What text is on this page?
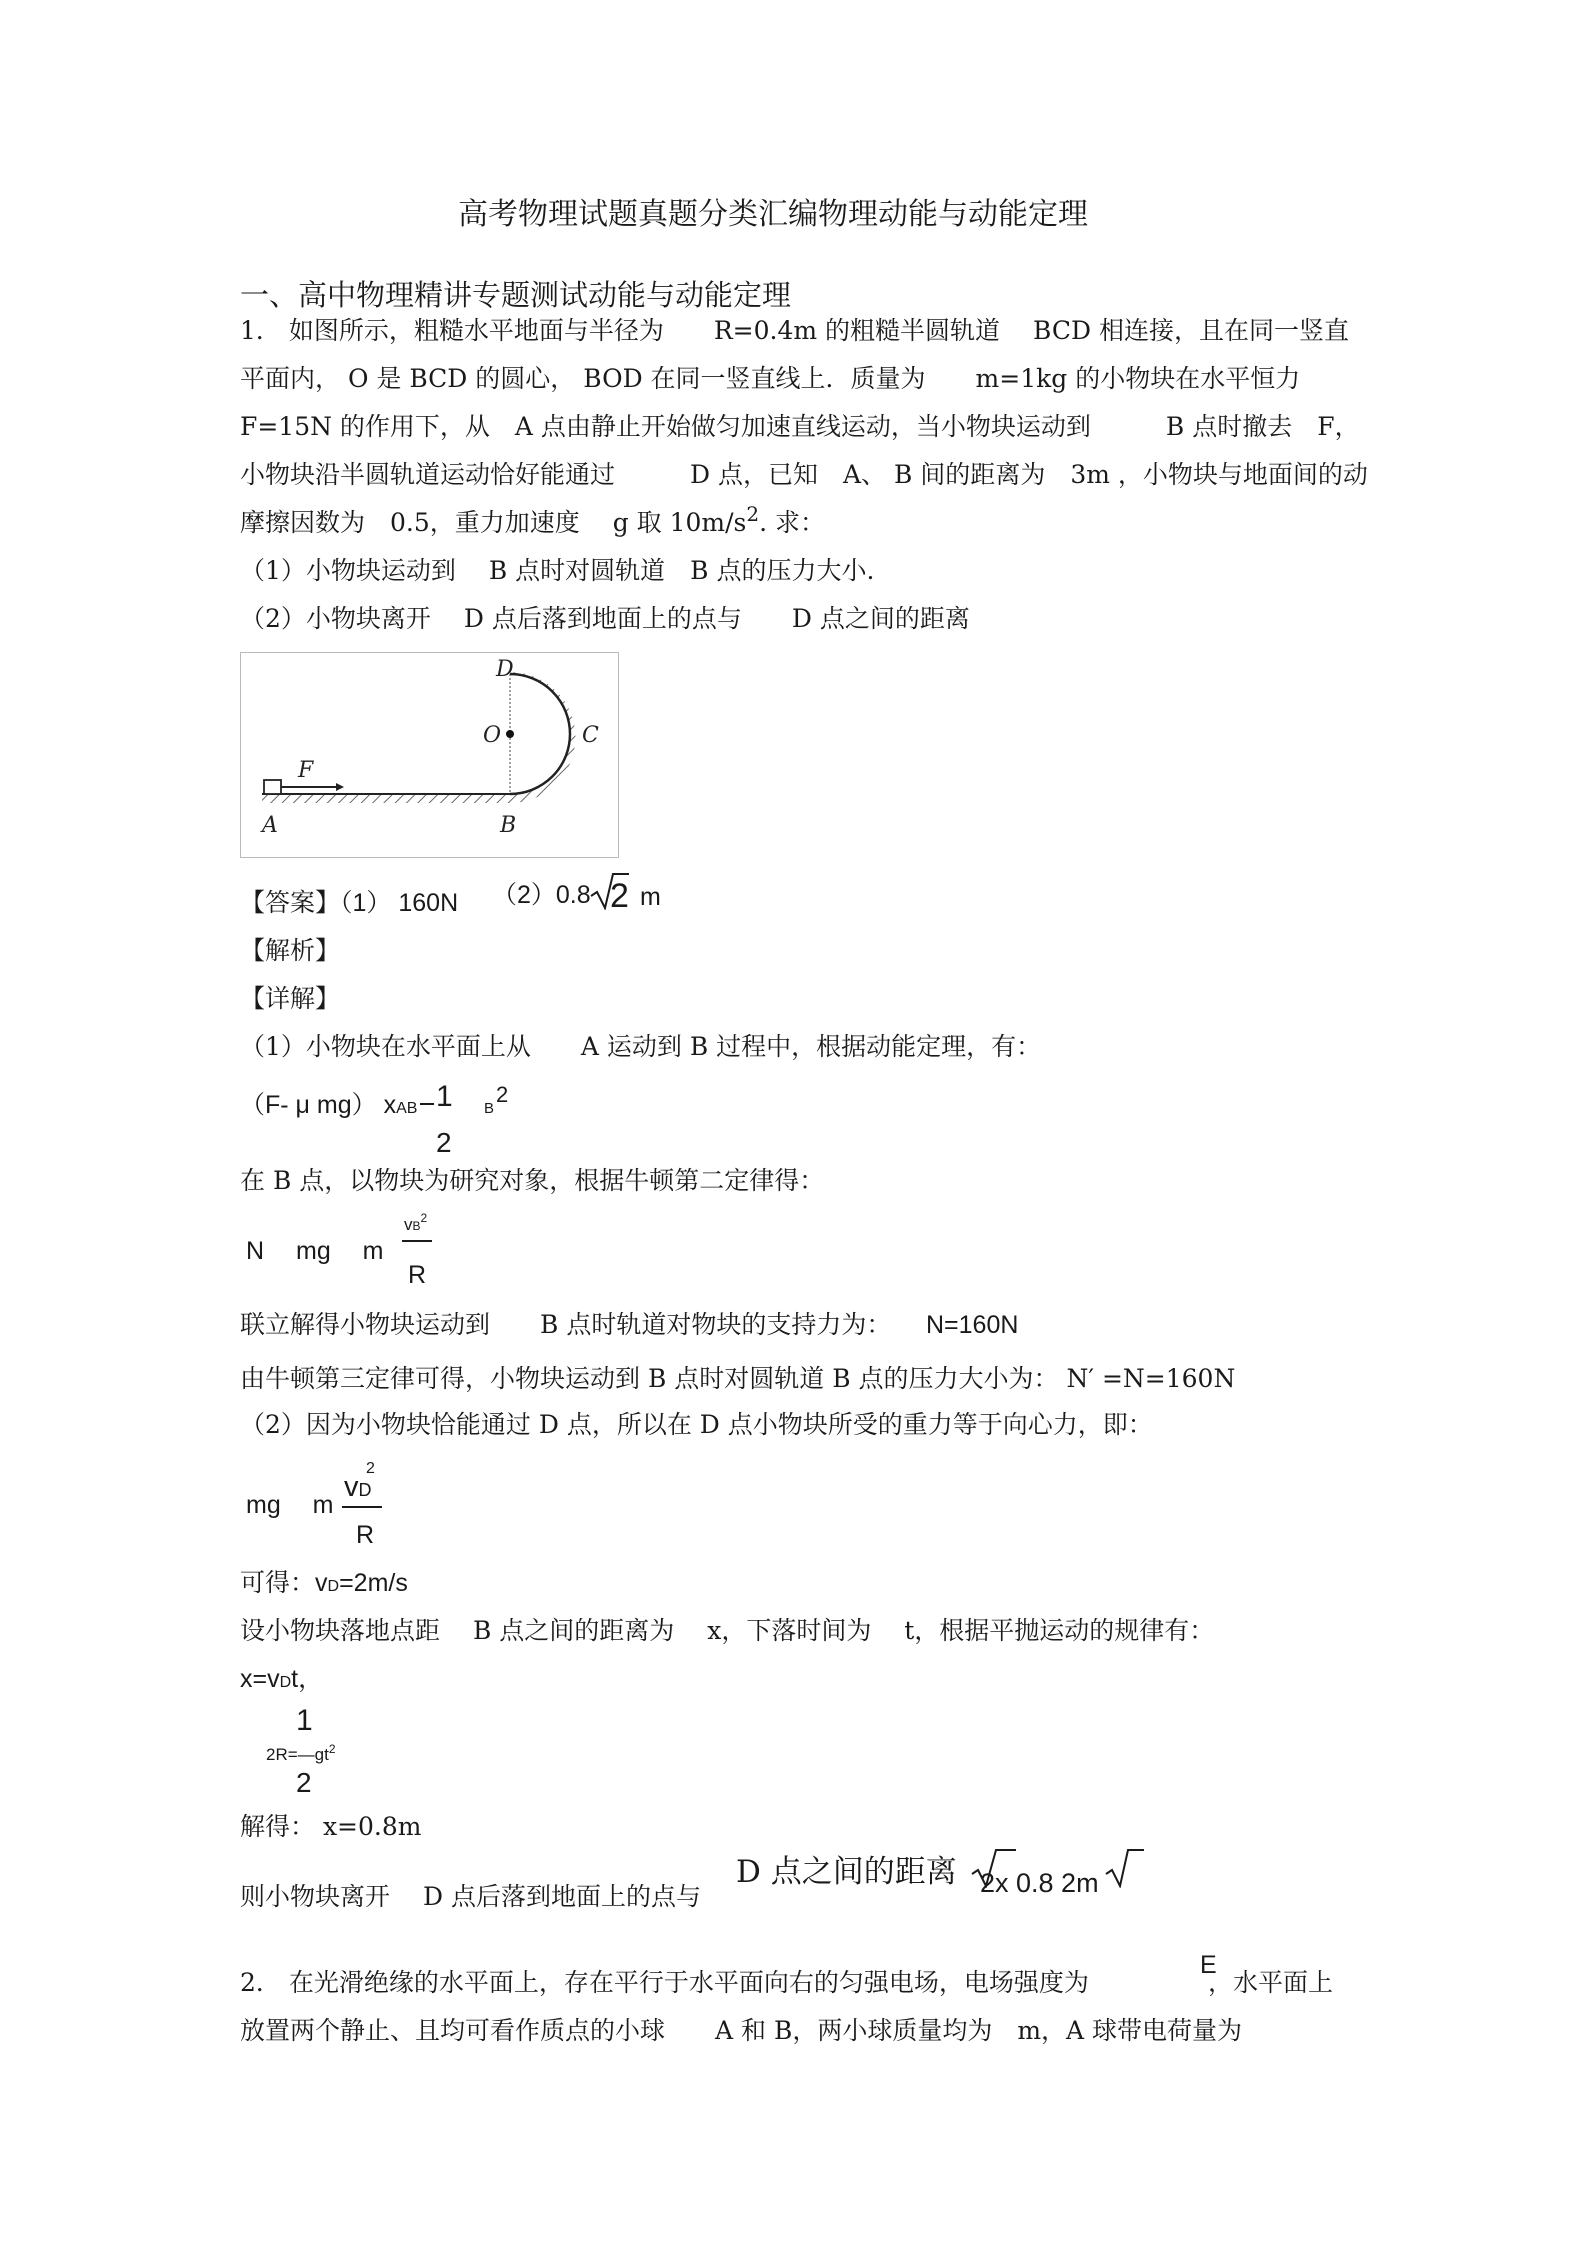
高考物理试题真题分类汇编物理动能与动能定理
一、高中物理精讲专题测试动能与动能定理
1． 如图所示，粗糙水平地面与半径为　　R=0.4m 的粗糙半圆轨道　 BCD 相连接，且在同一竖直
平面内， O 是 BCD 的圆心， BOD 在同一竖直线上．质量为　　m=1kg 的小物块在水平恒力
F=15N 的作用下，从　A 点由静止开始做匀加速直线运动，当小物块运动到　　　B 点时撤去　F，
小物块沿半圆轨道运动恰好能通过　　　D 点，已知　A、 B 间的距离为　3m ，小物块与地面间的动
摩擦因数为　0.5，重力加速度　 g 取 $10m/s^2$. 求：
（1）小物块运动到　 B 点时对圆轨道　B 点的压力大小.
（2）小物块离开　 D 点后落到地面上的点与　　D 点之间的距离
F
A	B
C
D
O
【答案】（1） 160N （2）0.8 2 m
【解析】
【详解】
（1）小物块在水平面上从　　A 运动到 B 过程中，根据动能定理，有：
（F- μ mg） xAB 1
2
B
2
在 B 点，以物块为研究对象，根据牛顿第二定律得：
N　 mg　 m
$vB^2$
R
联立解得小物块运动到　　B 点时轨道对物块的支持力为： N=160N
由牛顿第三定律可得，小物块运动到 B 点时对圆轨道 B 点的压力大小为： N′ =N=160N
（2）因为小物块恰能通过 D 点，所以在 D 点小物块所受的重力等于向心力，即：
mg　 m
2
vD
R
可得：vD=2m/s
设小物块落地点距　 B 点之间的距离为　 x，下落时间为　 t，根据平抛运动的规律有：
x=vDt，
1
$2R=—gt^2$
2
解得： x=0.8m
则小物块离开　 D 点后落到地面上的点与
D 点之间的距离 2x 0.8 2m
E
2． 在光滑绝缘的水平面上，存在平行于水平面向右的匀强电场，电场强度为	，水平面上
放置两个静止、且均可看作质点的小球　　A 和 B，两小球质量均为　m，A 球带电荷量为
